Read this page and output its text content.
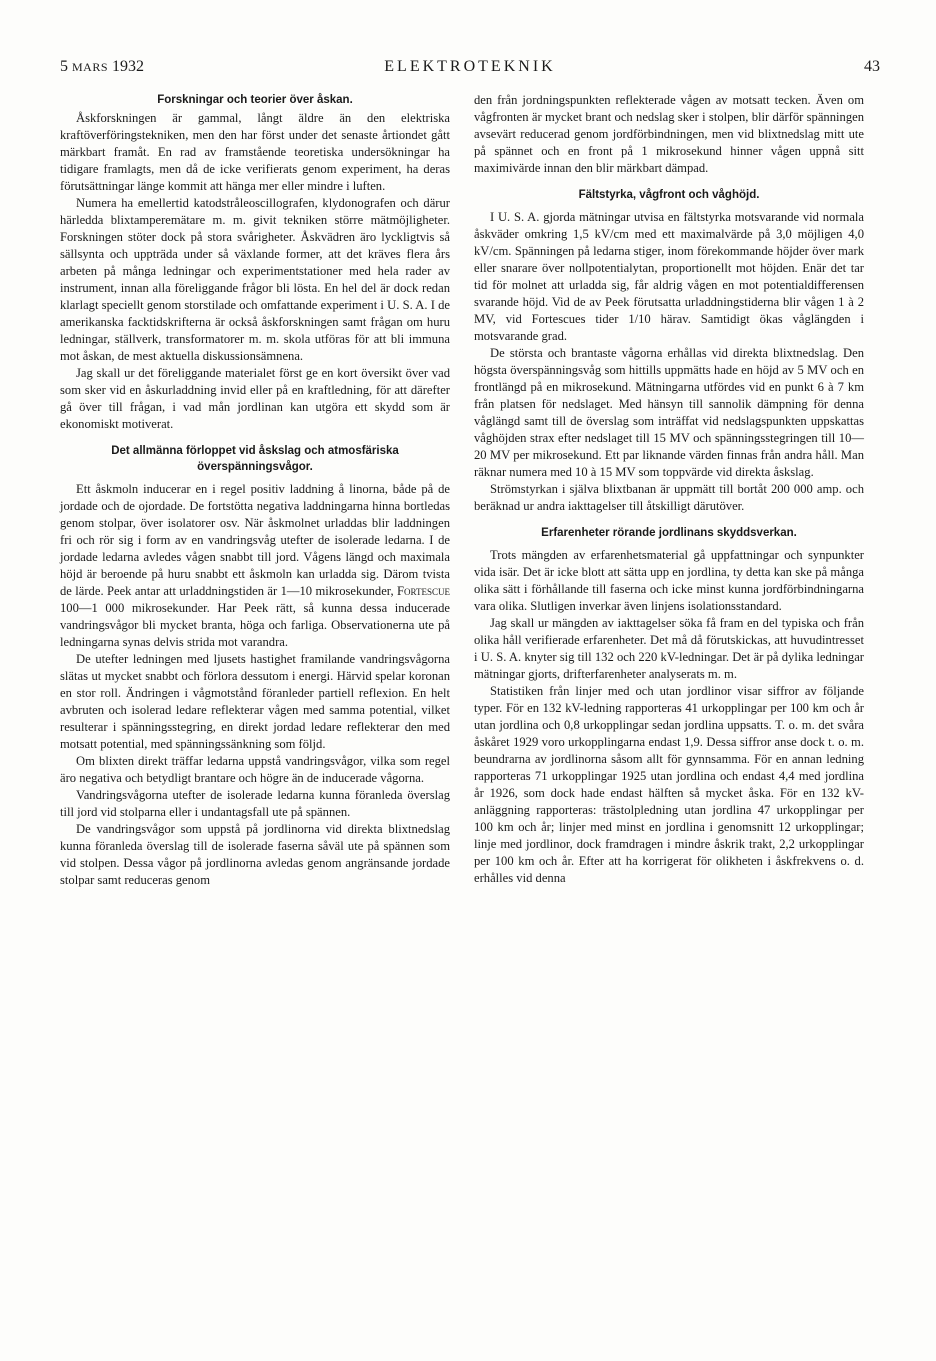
5 MARS 1932	ELEKTROTEKNIK	43
Forskningar och teorier över åskan.

Åskforskningen är gammal, långt äldre än den elektriska kraftöverföringstekniken, men den har först under det senaste årtiondet gått märkbart framåt. En rad av framstående teoretiska undersökningar ha tidigare framlagts, men då de icke verifierats genom experiment, ha deras förutsättningar länge kommit att hänga mer eller mindre i luften.

Numera ha emellertid katodstråleoscillografen, klydonografen och därur härledda blixtamperemätare m. m. givit tekniken större mätmöjligheter. Forskningen stöter dock på stora svårigheter. Åskvädren äro lyckligtvis så sällsynta och uppträda under så växlande former, att det kräves flera års arbeten på många ledningar och experimentstationer med hela rader av instrument, innan alla föreliggande frågor bli lösta. En hel del är dock redan klarlagt speciellt genom storstilade och omfattande experiment i U. S. A. I de amerikanska facktidskrifterna är också åskforskningen samt frågan om huru ledningar, ställverk, transformatorer m. m. skola utföras för att bli immuna mot åskan, de mest aktuella diskussionsämnena.

Jag skall ur det föreliggande materialet först ge en kort översikt över vad som sker vid en åskurladdning invid eller på en kraftledning, för att därefter gå över till frågan, i vad mån jordlinan kan utgöra ett skydd som är ekonomiskt motiverat.

Det allmänna förloppet vid åskslag och atmosfäriska överspänningsvågor.

Ett åskmoln inducerar en i regel positiv laddning å linorna, både på de jordade och de ojordade. De fortstötta negativa laddningarna hinna bortledas genom stolpar, över isolatorer osv. När åskmolnet urladdas blir laddningen fri och rör sig i form av en vandringsvåg utefter de isolerade ledarna. I de jordade ledarna avledes vågen snabbt till jord. Vågens längd och maximala höjd är beroende på huru snabbt ett åskmoln kan urladda sig. Därom tvista de lärde. Peek antar att urladdningstiden är 1—10 mikrosekunder, Fortescue 100—1 000 mikrosekunder. Har Peek rätt, så kunna dessa inducerade vandringsvågor bli mycket branta, höga och farliga. Observationerna ute på ledningarna synas delvis strida mot varandra.

De utefter ledningen med ljusets hastighet framilande vandringsvågorna slätas ut mycket snabbt och förlora dessutom i energi. Härvid spelar koronan en stor roll. Ändringen i vågmotstånd föranleder partiell reflexion. En helt avbruten och isolerad ledare reflekterar vågen med samma potential, vilket resulterar i spänningsstegring, en direkt jordad ledare reflekterar den med motsatt potential, med spänningssänkning som följd.

Om blixten direkt träffar ledarna uppstå vandringsvågor, vilka som regel äro negativa och betydligt brantare och högre än de inducerade vågorna.

Vandringsvågorna utefter de isolerade ledarna kunna föranleda överslag till jord vid stolparna eller i undantagsfall ute på spännen.

De vandringsvågor som uppstå på jordlinorna vid direkta blixtnedslag kunna föranleda överslag till de isolerade faserna såväl ute på spännen som vid stolpen. Dessa vågor på jordlinorna avledas genom angränsande jordade stolpar samt reduceras genom

den från jordningspunkten reflekterade vågen av motsatt tecken. Även om vågfronten är mycket brant och nedslag sker i stolpen, blir därför spänningen avsevärt reducerad genom jordförbindningen, men vid blixtnedslag mitt ute på spännet och en front på 1 mikrosekund hinner vågen uppnå sitt maximivärde innan den blir märkbart dämpad.

Fältstyrka, vågfront och våghöjd.

I U. S. A. gjorda mätningar utvisa en fältstyrka motsvarande vid normala åskväder omkring 1,5 kV/cm med ett maximalvärde på 3,0 möjligen 4,0 kV/cm. Spänningen på ledarna stiger, inom förekommande höjder över mark eller snarare över nollpotentialytan, proportionellt mot höjden. Enär det tar tid för molnet att urladda sig, får aldrig vågen en mot potentialdifferensen svarande höjd. Vid de av Peek förutsatta urladdningstiderna blir vågen 1 à 2 MV, vid Fortescues tider 1/10 härav. Samtidigt ökas våglängden i motsvarande grad.

De största och brantaste vågorna erhållas vid direkta blixtnedslag. Den högsta överspänningsvåg som hittills uppmätts hade en höjd av 5 MV och en frontlängd på en mikrosekund. Mätningarna utfördes vid en punkt 6 à 7 km från platsen för nedslaget. Med hänsyn till sannolik dämpning för denna våglängd samt till de överslag som inträffat vid nedslagspunkten uppskattas våghöjden strax efter nedslaget till 15 MV och spänningsstegringen till 10—20 MV per mikrosekund. Ett par liknande värden finnas från andra håll. Man räknar numera med 10 à 15 MV som toppvärde vid direkta åskslag.

Strömstyrkan i själva blixtbanan är uppmätt till bortåt 200 000 amp. och beräknad ur andra iakttagelser till åtskilligt därutöver.

Erfarenheter rörande jordlinans skyddsverkan.

Trots mängden av erfarenhetsmaterial gå uppfattningar och synpunkter vida isär. Det är icke blott att sätta upp en jordlina, ty detta kan ske på många olika sätt i förhållande till faserna och icke minst kunna jordförbindningarna vara olika. Slutligen inverkar även linjens isolationsstandard.

Jag skall ur mängden av iakttagelser söka få fram en del typiska och från olika håll verifierade erfarenheter. Det må då förutskickas, att huvudintresset i U. S. A. knyter sig till 132 och 220 kV-ledningar. Det är på dylika ledningar mätningar gjorts, drifterfarenheter analyserats m. m.

Statistiken från linjer med och utan jordlinor visar siffror av följande typer. För en 132 kV-ledning rapporteras 41 urkopplingar per 100 km och år utan jordlina och 0,8 urkopplingar sedan jordlina uppsatts. T. o. m. det svåra åskåret 1929 voro urkopplingarna endast 1,9. Dessa siffror anse dock t. o. m. beundrarna av jordlinorna såsom allt för gynnsamma. För en annan ledning rapporteras 71 urkopplingar 1925 utan jordlina och endast 4,4 med jordlina år 1926, som dock hade endast hälften så mycket åska. För en 132 kV-anläggning rapporteras: trästolpledning utan jordlina 47 urkopplingar per 100 km och år; linjer med minst en jordlina i genomsnitt 12 urkopplingar; linje med jordlinor, dock framdragen i mindre åskrik trakt, 2,2 urkopplingar per 100 km och år. Efter att ha korrigerat för olikheten i åskfrekvens o. d. erhålles vid denna
